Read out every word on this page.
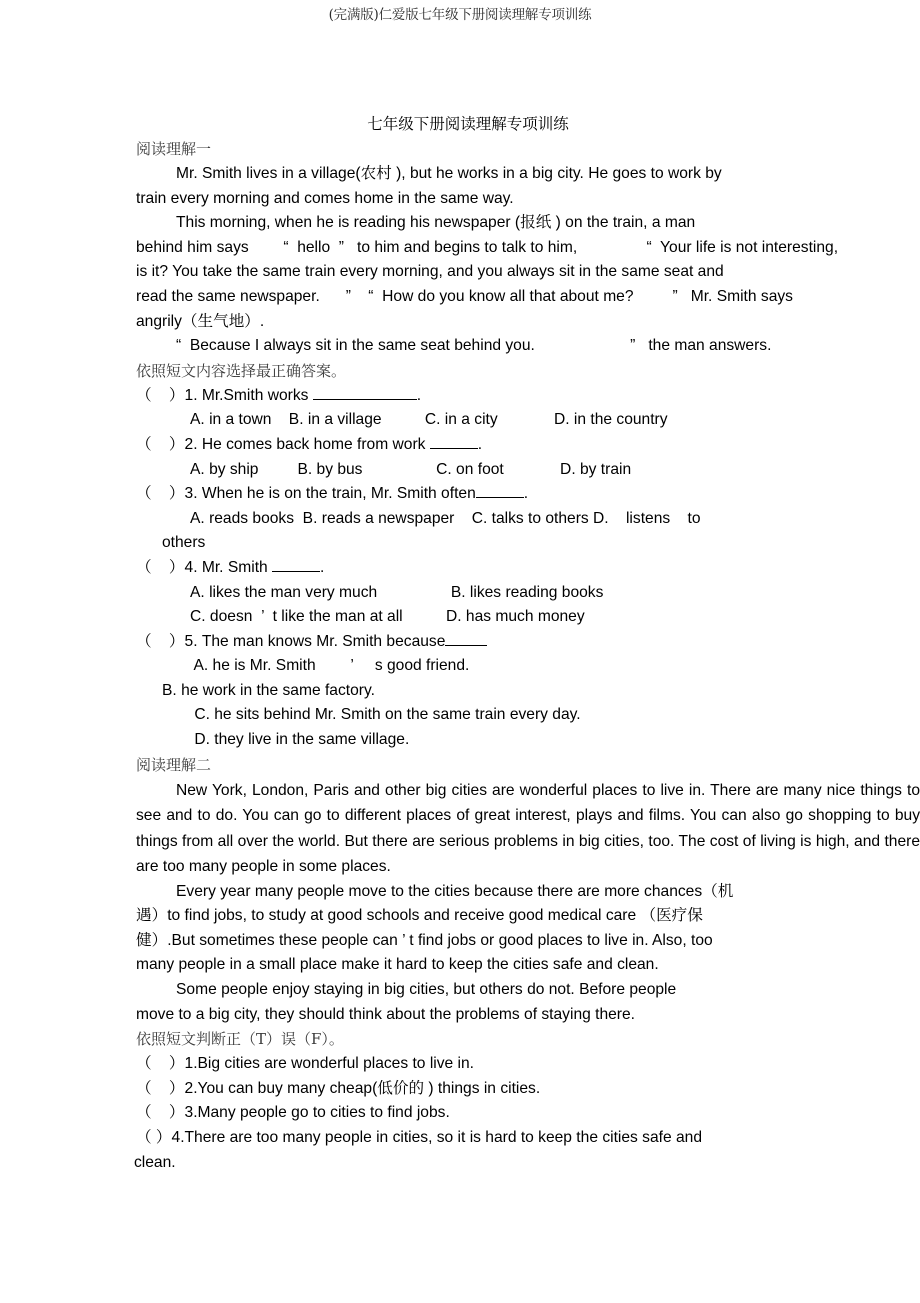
(完满版)仁爱版七年级下册阅读理解专项训练
七年级下册阅读理解专项训练
阅读理解一

Mr. Smith lives in a village(农村 ), but he works in a big city. He goes to work by

train every morning and comes home in the same way.

This morning, when he is reading his newspaper (报纸 ) on the train, a man

behind him says        “  hello  ”   to him and begins to talk to him,                “  Your life is not interesting,

is it? You take the same train every morning, and you always sit in the same seat and

read the same newspaper.      ”    “  How do you know all that about me?         ”   Mr. Smith says

angrily（生气地）.

“  Because I always sit in the same seat behind you.                      ”   the man answers.

依照短文内容选择最正确答案。
（    ）1. Mr.Smith works	.
A. in a town    B. in a village          C. in a city             D. in the country
（    ）2. He comes back home from work	.
A. by ship         B. by bus                 C. on foot             D. by train
（    ）3. When he is on the train, Mr. Smith often	.
A. reads books  B. reads a newspaper    C. talks to others D.    listens    to
others
（    ）4. Mr. Smith	.
A. likes the man very much                 B. likes reading books
C. doesn  ’  t like the man at all          D. has much money
（    ）5. The man knows Mr. Smith because
A. he is Mr. Smith        ’     s good friend.
B. he work in the same factory.
C. he sits behind Mr. Smith on the same train every day.
D. they live in the same village.
阅读理解二

New York, London, Paris and other big cities are wonderful places to live in. There are many nice things to see and to do. You can go to different places of great interest, plays and films. You can also go shopping to buy things from all over the world. But there are serious problems in big cities, too. The cost of living is high, and there are too many people in some places.

Every year many people move to the cities because there are more chances（机

遇）to find jobs, to study at good schools and receive good medical care （医疗保

健）.But sometimes these people can ’ t find jobs or good places to live in. Also, too

many people in a small place make it hard to keep the cities safe and clean.

Some people enjoy staying in big cities, but others do not. Before people

move to a big city, they should think about the problems of staying there.

依照短文判断正（T）误（F）。
（    ）1.Big cities are wonderful places to live in.
（    ）2.You can buy many cheap(低价的 ) things in cities.
（    ）3.Many people go to cities to find jobs.
（ ）4.There are too many people in cities, so it is hard to keep the cities safe and
clean.
